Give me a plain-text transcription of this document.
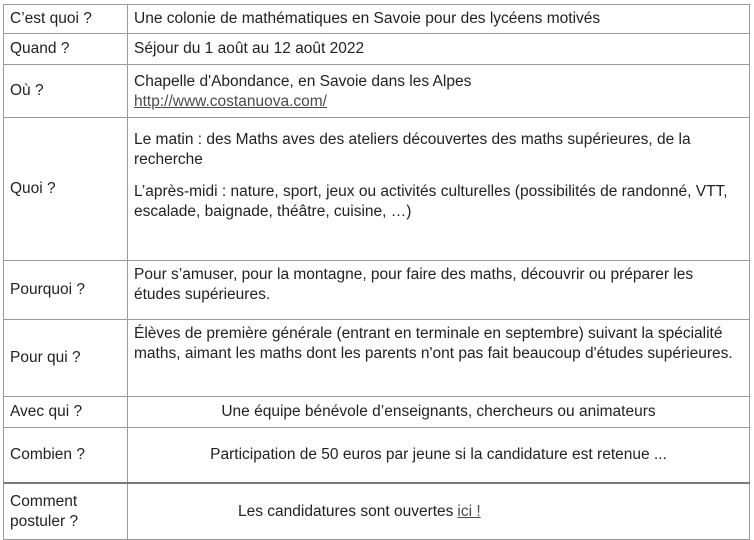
C’est quoi ?	Une colonie de mathématiques en Savoie pour des lycéens motivés
Quand ?	Séjour du 1 août au 12 août 2022
Où ?	Chapelle d'Abondance, en Savoie dans les Alpes
http://www.costanuova.com/
Quoi ?	Le matin : des Maths aves des ateliers découvertes des maths supérieures, de la recherche
L’après-midi : nature, sport, jeux ou activités culturelles (possibilités de randonné, VTT, escalade, baignade, théâtre, cuisine, …)

Pourquoi ?	Pour s’amuser, pour la montagne, pour faire des maths, découvrir ou préparer les études supérieures.
Pour qui ?	Élèves de première générale (entrant en terminale en septembre) suivant la spécialité maths, aimant les maths dont les parents n'ont pas fait beaucoup d'études supérieures.
Avec qui ?	Une équipe bénévole d’enseignants, chercheurs ou animateurs
Combien ?	Participation de 50 euros par jeune si la candidature est retenue ...
Comment postuler ?	Les candidatures sont ouvertes ici !
